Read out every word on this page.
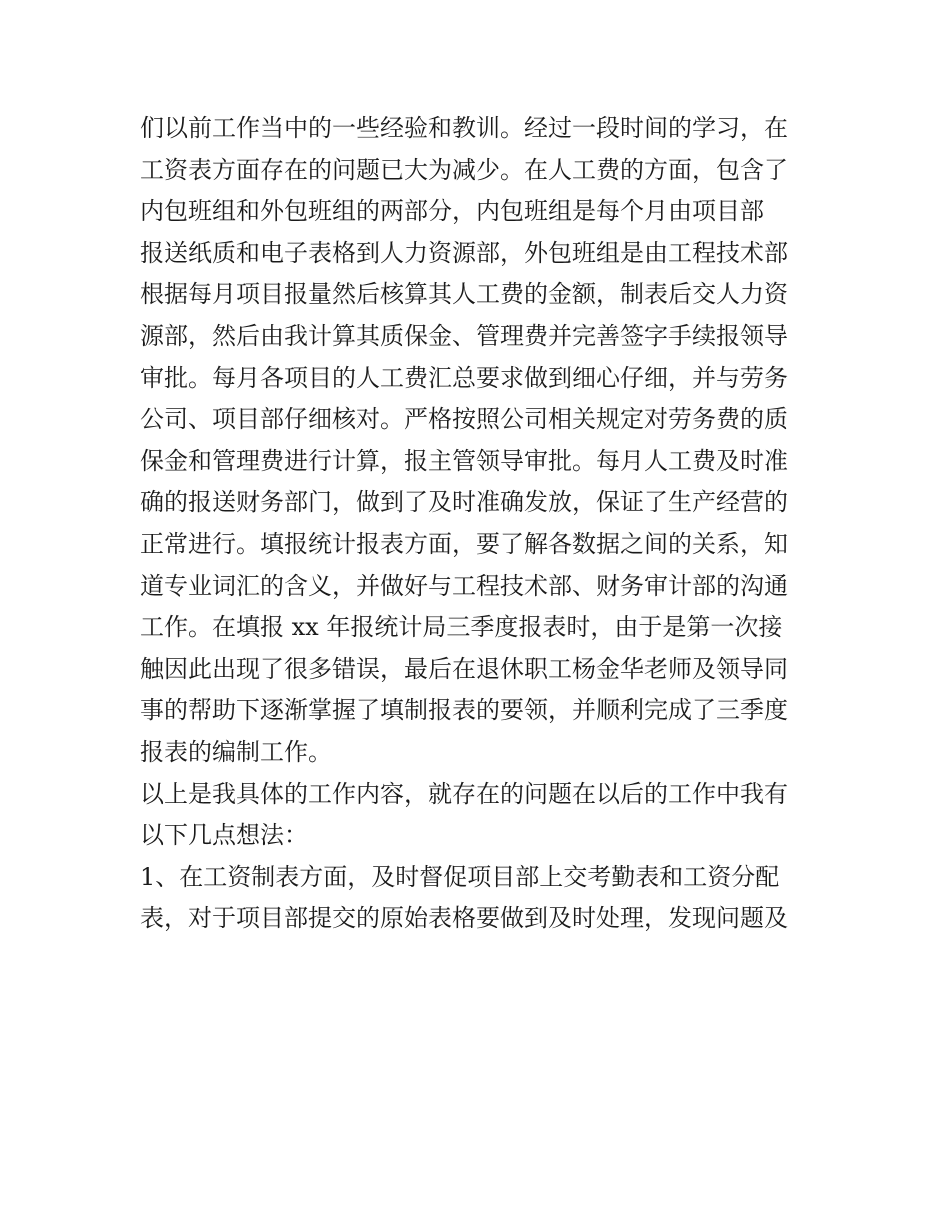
们以前工作当中的一些经验和教训。经过一段时间的学习，在
工资表方面存在的问题已大为减少。在人工费的方面，包含了
内包班组和外包班组的两部分，内包班组是每个月由项目部
报送纸质和电子表格到人力资源部，外包班组是由工程技术部
根据每月项目报量然后核算其人工费的金额，制表后交人力资
源部，然后由我计算其质保金、管理费并完善签字手续报领导
审批。每月各项目的人工费汇总要求做到细心仔细，并与劳务
公司、项目部仔细核对。严格按照公司相关规定对劳务费的质
保金和管理费进行计算，报主管领导审批。每月人工费及时准
确的报送财务部门，做到了及时准确发放，保证了生产经营的
正常进行。填报统计报表方面，要了解各数据之间的关系，知
道专业词汇的含义，并做好与工程技术部、财务审计部的沟通
工作。在填报 xx 年报统计局三季度报表时，由于是第一次接
触因此出现了很多错误，最后在退休职工杨金华老师及领导同
事的帮助下逐渐掌握了填制报表的要领，并顺利完成了三季度
报表的编制工作。
以上是我具体的工作内容，就存在的问题在以后的工作中我有
以下几点想法：
1、在工资制表方面，及时督促项目部上交考勤表和工资分配
表，对于项目部提交的原始表格要做到及时处理，发现问题及
